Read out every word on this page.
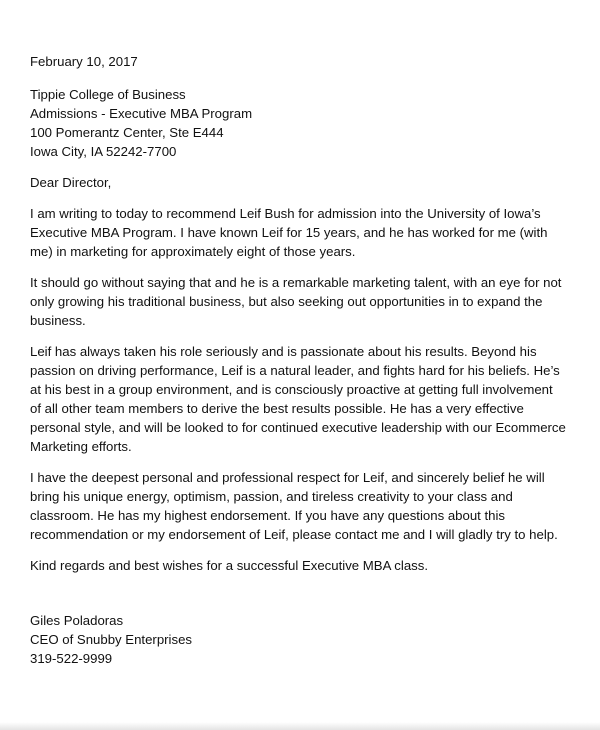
February 10, 2017
Tippie College of Business
Admissions - Executive MBA Program
100 Pomerantz Center, Ste E444
Iowa City, IA 52242-7700
Dear Director,
I am writing to today to recommend Leif Bush for admission into the University of Iowa’s
Executive MBA Program. I have known Leif for 15 years, and he has worked for me (with
me) in marketing for approximately eight of those years.
It should go without saying that and he is a remarkable marketing talent, with an eye for not
only growing his traditional business, but also seeking out opportunities in to expand the
business.
Leif has always taken his role seriously and is passionate about his results. Beyond his
passion on driving performance, Leif is a natural leader, and fights hard for his beliefs. He’s
at his best in a group environment, and is consciously proactive at getting full involvement
of all other team members to derive the best results possible. He has a very effective
personal style, and will be looked to for continued executive leadership with our Ecommerce
Marketing efforts.
I have the deepest personal and professional respect for Leif, and sincerely belief he will
bring his unique energy, optimism, passion, and tireless creativity to your class and
classroom. He has my highest endorsement. If you have any questions about this
recommendation or my endorsement of Leif, please contact me and I will gladly try to help.
Kind regards and best wishes for a successful Executive MBA class.
Giles Poladoras
CEO of Snubby Enterprises
319-522-9999
